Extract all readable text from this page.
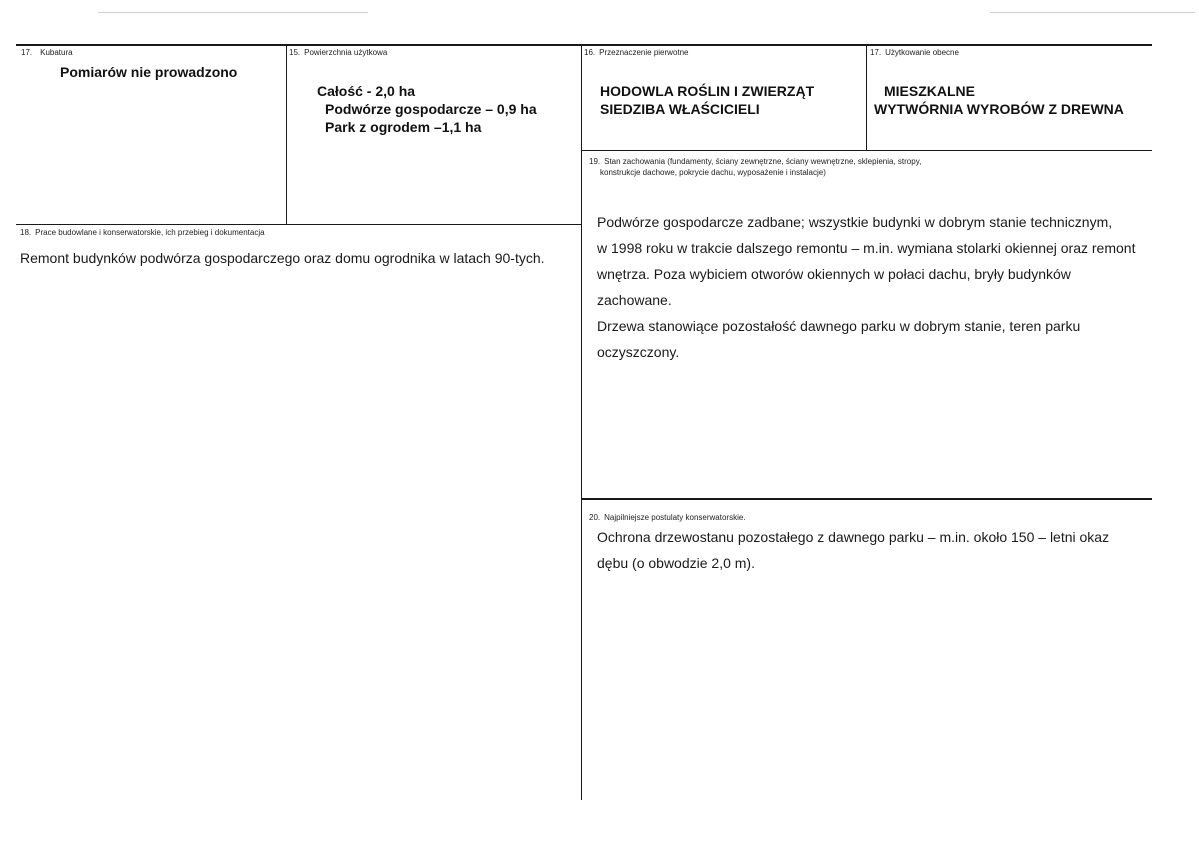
17. Kubatura
Pomiarów nie prowadzono
15. Powierzchnia użytkowa
Całość - 2,0 ha
Podwórze gospodarcze – 0,9 ha
Park z ogrodem –1,1 ha
16. Przeznaczenie pierwotne
HODOWLA ROŚLIN I ZWIERZĄT
SIEDZIBA WŁAŚCICIELI
17. Użytkowanie obecne
MIESZKALNE
WYTWÓRNIA WYROBÓW Z DREWNA
19. Stan zachowania (fundamenty, ściany zewnętrzne, ściany wewnętrzne, sklepienia, stropy,
konstrukcje dachowe, pokrycie dachu, wyposażenie i instalacje)

Podwórze gospodarcze zadbane; wszystkie budynki w dobrym stanie technicznym,

w 1998 roku w trakcie dalszego remontu – m.in. wymiana stolarki okiennej oraz remont

wnętrza. Poza wybiciem otworów okiennych w połaci dachu, bryły budynków

zachowane.

Drzewa stanowiące pozostałość dawnego parku w dobrym stanie, teren parku

oczyszczony.

18. Prace budowlane i konserwatorskie, ich przebieg i dokumentacja

Remont budynków podwórza gospodarczego oraz domu ogrodnika w latach 90-tych.

20. Najpilniejsze postulaty konserwatorskie.

Ochrona drzewostanu pozostałego z dawnego parku – m.in. około 150 – letni okaz

dębu (o obwodzie 2,0 m).
